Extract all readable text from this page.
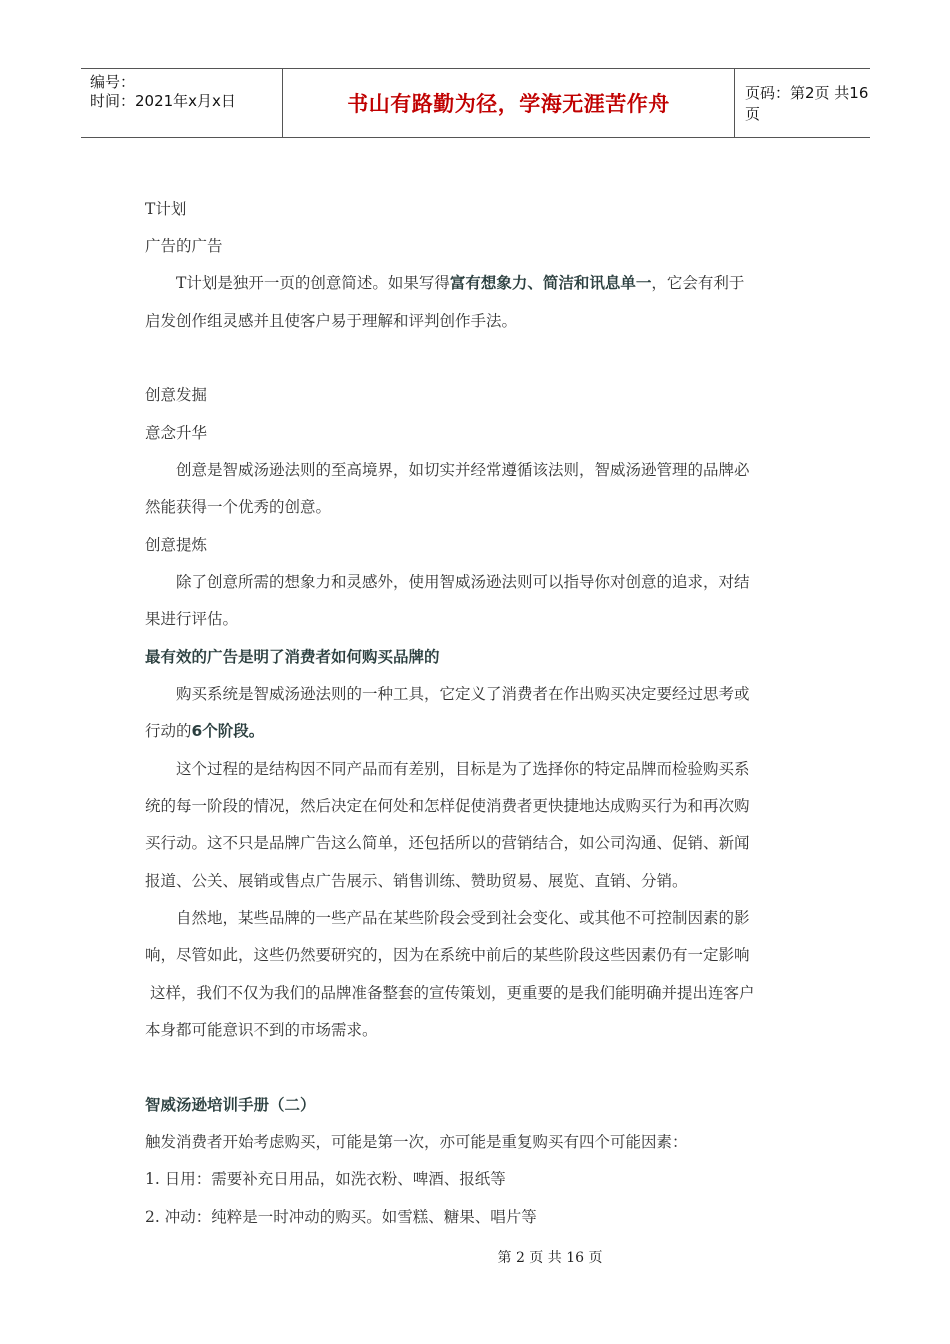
编号：
时间：2021年x月x日	书山有路勤为径，学海无涯苦作舟	页码：第2页 共16页
T计划
广告的广告
T计划是独开一页的创意简述。如果写得富有想象力、简洁和讯息单一，它会有利于
启发创作组灵感并且使客户易于理解和评判创作手法。
创意发掘
意念升华
创意是智威汤逊法则的至高境界，如切实并经常遵循该法则，智威汤逊管理的品牌必
然能获得一个优秀的创意。
创意提炼
除了创意所需的想象力和灵感外，使用智威汤逊法则可以指导你对创意的追求，对结
果进行评估。
最有效的广告是明了消费者如何购买品牌的
购买系统是智威汤逊法则的一种工具，它定义了消费者在作出购买决定要经过思考或
行动的6个阶段。
这个过程的是结构因不同产品而有差别，目标是为了选择你的特定品牌而检验购买系
统的每一阶段的情况，然后决定在何处和怎样促使消费者更快捷地达成购买行为和再次购
买行动。这不只是品牌广告这么简单，还包括所以的营销结合，如公司沟通、促销、新闻
报道、公关、展销或售点广告展示、销售训练、赞助贸易、展览、直销、分销。
自然地，某些品牌的一些产品在某些阶段会受到社会变化、或其他不可控制因素的影
响，尽管如此，这些仍然要研究的，因为在系统中前后的某些阶段这些因素仍有一定影响
这样，我们不仅为我们的品牌准备整套的宣传策划，更重要的是我们能明确并提出连客户
本身都可能意识不到的市场需求。
智威汤逊培训手册（二）
触发消费者开始考虑购买，可能是第一次，亦可能是重复购买有四个可能因素：
1. 日用：需要补充日用品，如洗衣粉、啤酒、报纸等
2. 冲动：纯粹是一时冲动的购买。如雪糕、糖果、唱片等
第 2 页 共 16 页
